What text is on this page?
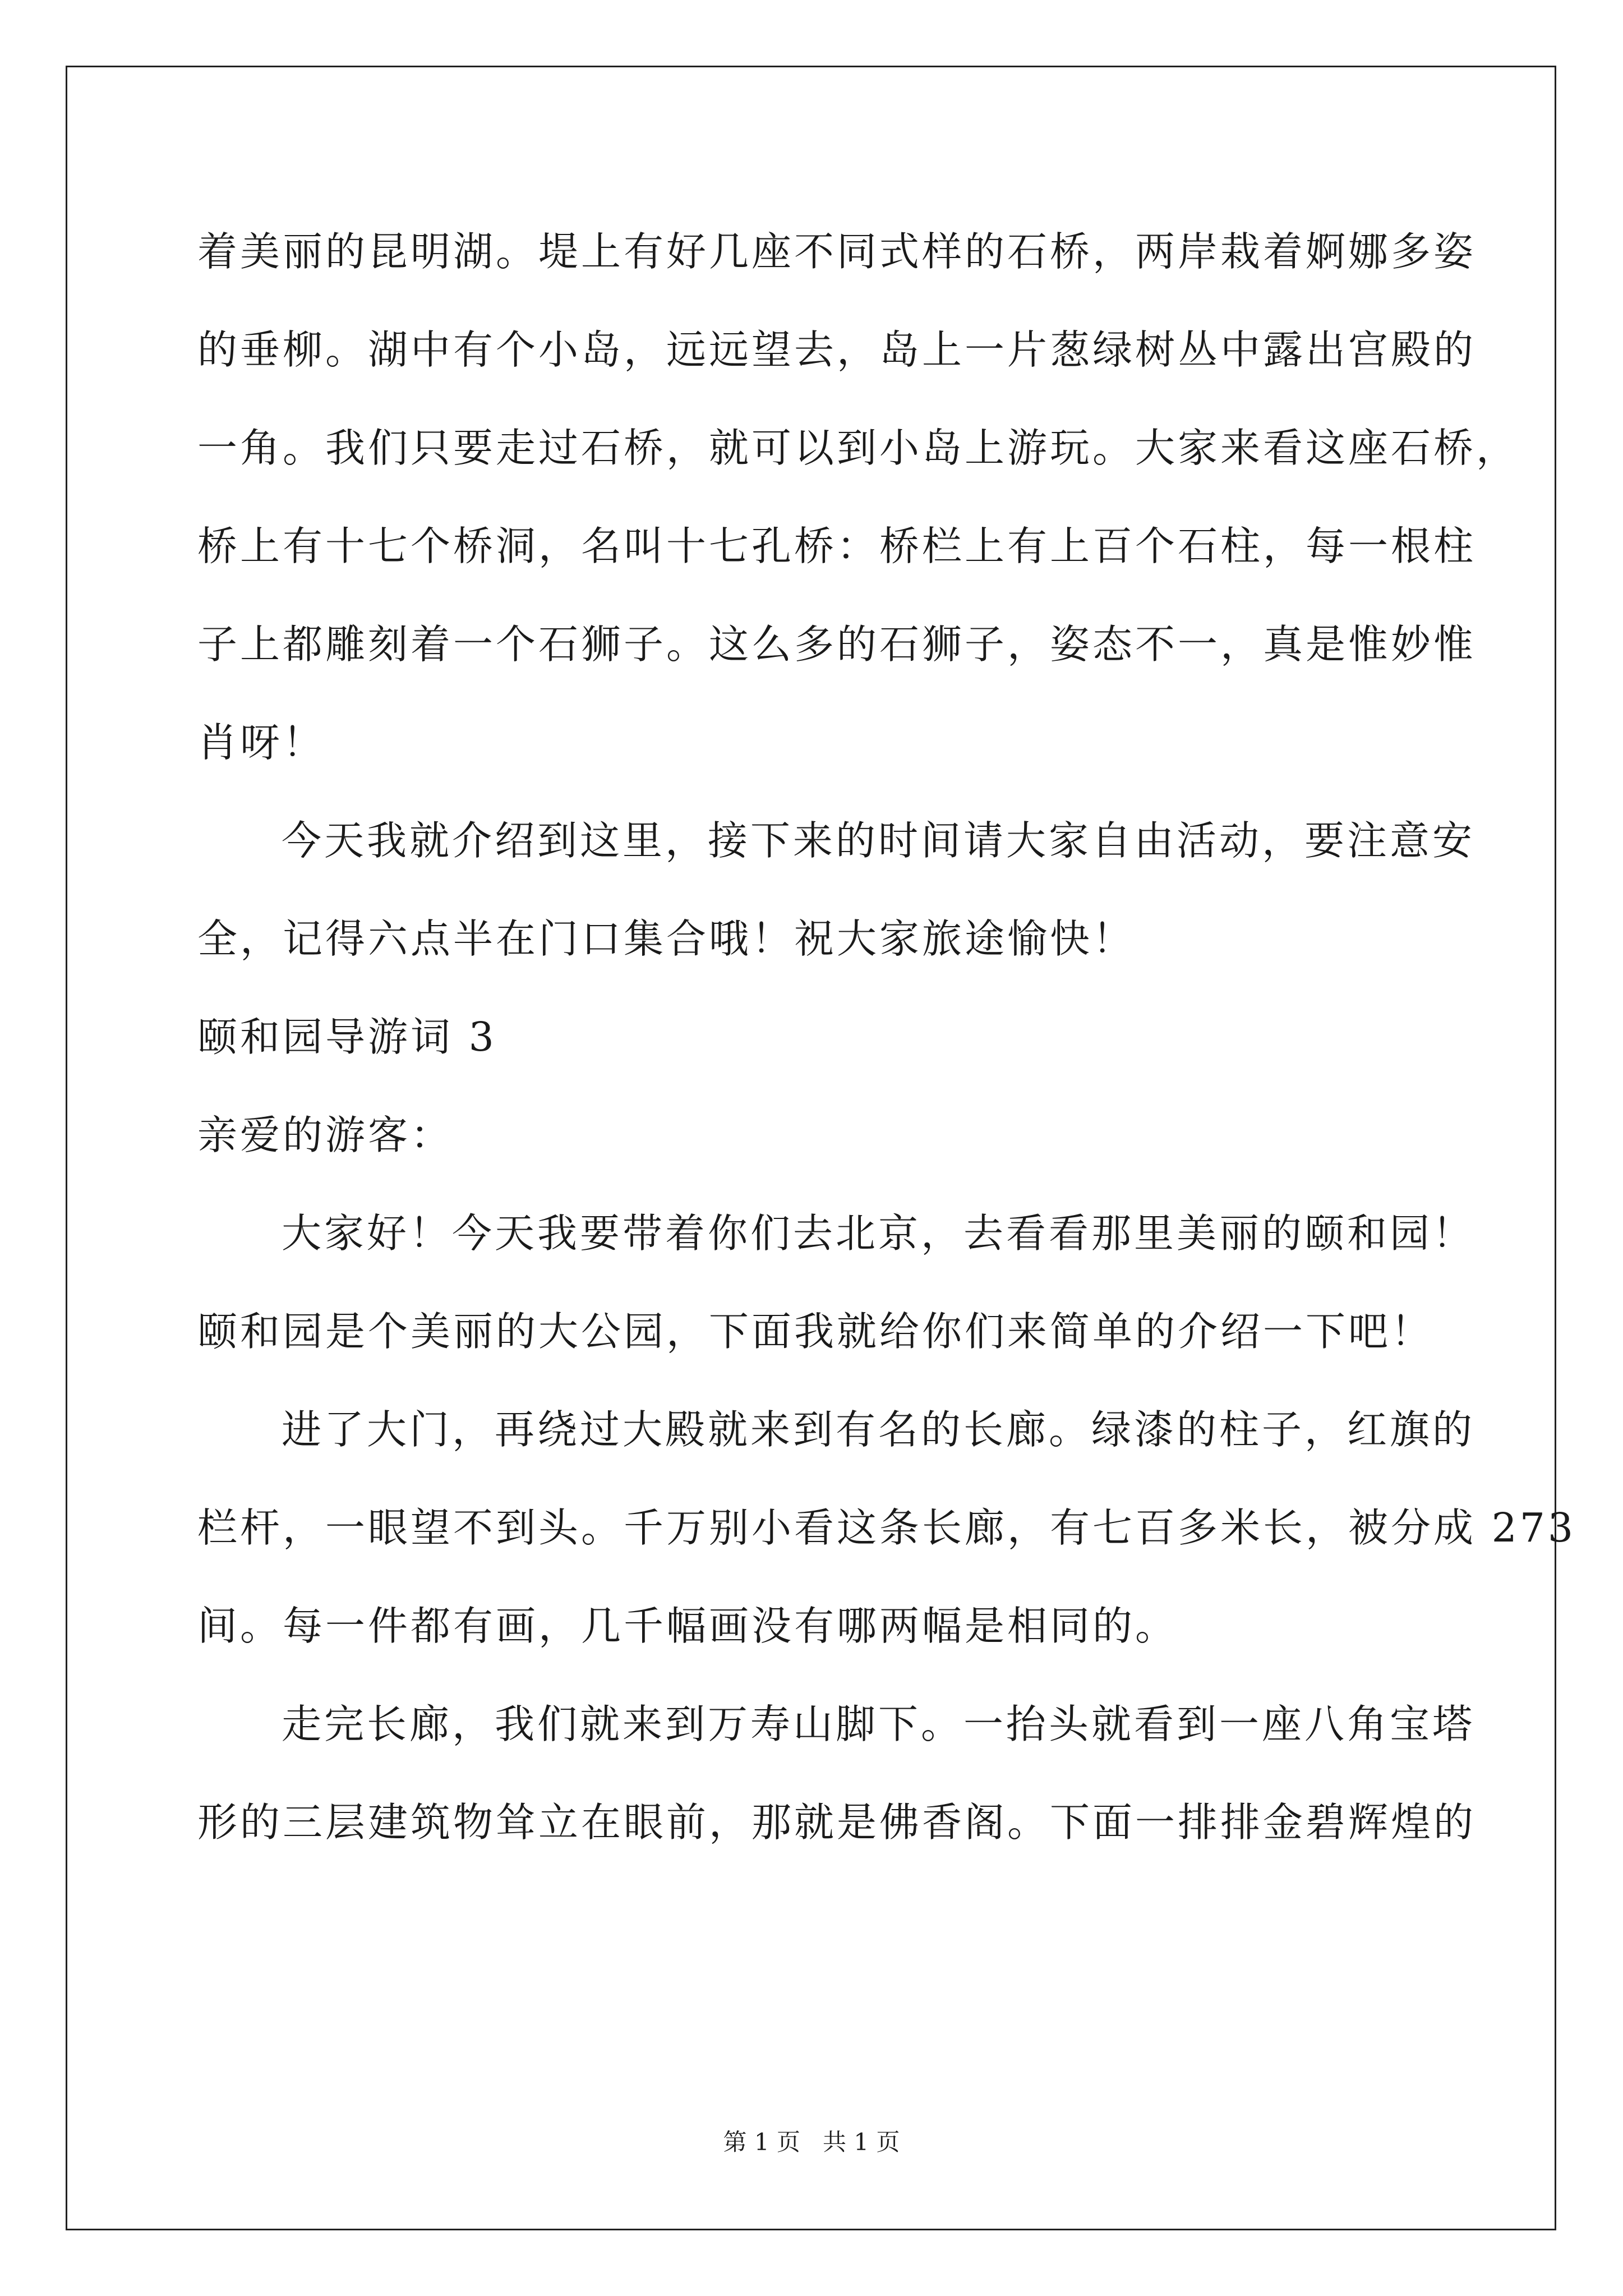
着美丽的昆明湖。堤上有好几座不同式样的石桥，两岸栽着婀娜多姿
的垂柳。湖中有个小岛，远远望去，岛上一片葱绿树丛中露出宫殿的
一角。我们只要走过石桥，就可以到小岛上游玩。大家来看这座石桥，
桥上有十七个桥洞，名叫十七孔桥：桥栏上有上百个石柱，每一根柱
子上都雕刻着一个石狮子。这么多的石狮子，姿态不一，真是惟妙惟
肖呀！
今天我就介绍到这里，接下来的时间请大家自由活动，要注意安
全，记得六点半在门口集合哦！祝大家旅途愉快！
颐和园导游词 3
亲爱的游客：
大家好！今天我要带着你们去北京，去看看那里美丽的颐和园！
颐和园是个美丽的大公园，下面我就给你们来简单的介绍一下吧！
进了大门，再绕过大殿就来到有名的长廊。绿漆的柱子，红旗的
栏杆，一眼望不到头。千万别小看这条长廊，有七百多米长，被分成 273
间。每一件都有画，几千幅画没有哪两幅是相同的。
走完长廊，我们就来到万寿山脚下。一抬头就看到一座八角宝塔
形的三层建筑物耸立在眼前，那就是佛香阁。下面一排排金碧辉煌的
第 1 页   共 1 页
